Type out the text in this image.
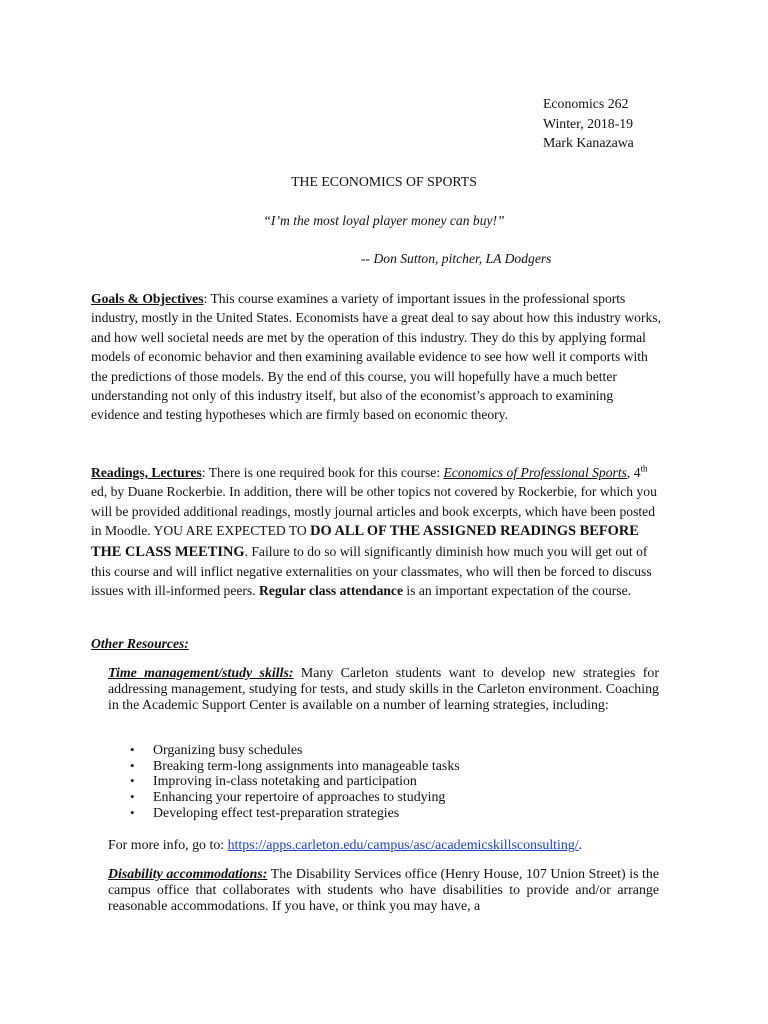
Economics 262
Winter, 2018-19
Mark Kanazawa
THE ECONOMICS OF SPORTS
“I’m the most loyal player money can buy!”
-- Don Sutton, pitcher, LA Dodgers
Goals & Objectives: This course examines a variety of important issues in the professional sports industry, mostly in the United States. Economists have a great deal to say about how this industry works, and how well societal needs are met by the operation of this industry. They do this by applying formal models of economic behavior and then examining available evidence to see how well it comports with the predictions of those models. By the end of this course, you will hopefully have a much better understanding not only of this industry itself, but also of the economist’s approach to examining evidence and testing hypotheses which are firmly based on economic theory.
Readings, Lectures: There is one required book for this course: Economics of Professional Sports, 4th ed, by Duane Rockerbie. In addition, there will be other topics not covered by Rockerbie, for which you will be provided additional readings, mostly journal articles and book excerpts, which have been posted in Moodle. YOU ARE EXPECTED TO DO ALL OF THE ASSIGNED READINGS BEFORE THE CLASS MEETING. Failure to do so will significantly diminish how much you will get out of this course and will inflict negative externalities on your classmates, who will then be forced to discuss issues with ill-informed peers. Regular class attendance is an important expectation of the course.
Other Resources:
Time management/study skills: Many Carleton students want to develop new strategies for addressing management, studying for tests, and study skills in the Carleton environment. Coaching in the Academic Support Center is available on a number of learning strategies, including:
• Organizing busy schedules
• Breaking term-long assignments into manageable tasks
• Improving in-class notetaking and participation
• Enhancing your repertoire of approaches to studying
• Developing effect test-preparation strategies
For more info, go to: https://apps.carleton.edu/campus/asc/academicskillsconsulting/.
Disability accommodations: The Disability Services office (Henry House, 107 Union Street) is the campus office that collaborates with students who have disabilities to provide and/or arrange reasonable accommodations. If you have, or think you may have, a
